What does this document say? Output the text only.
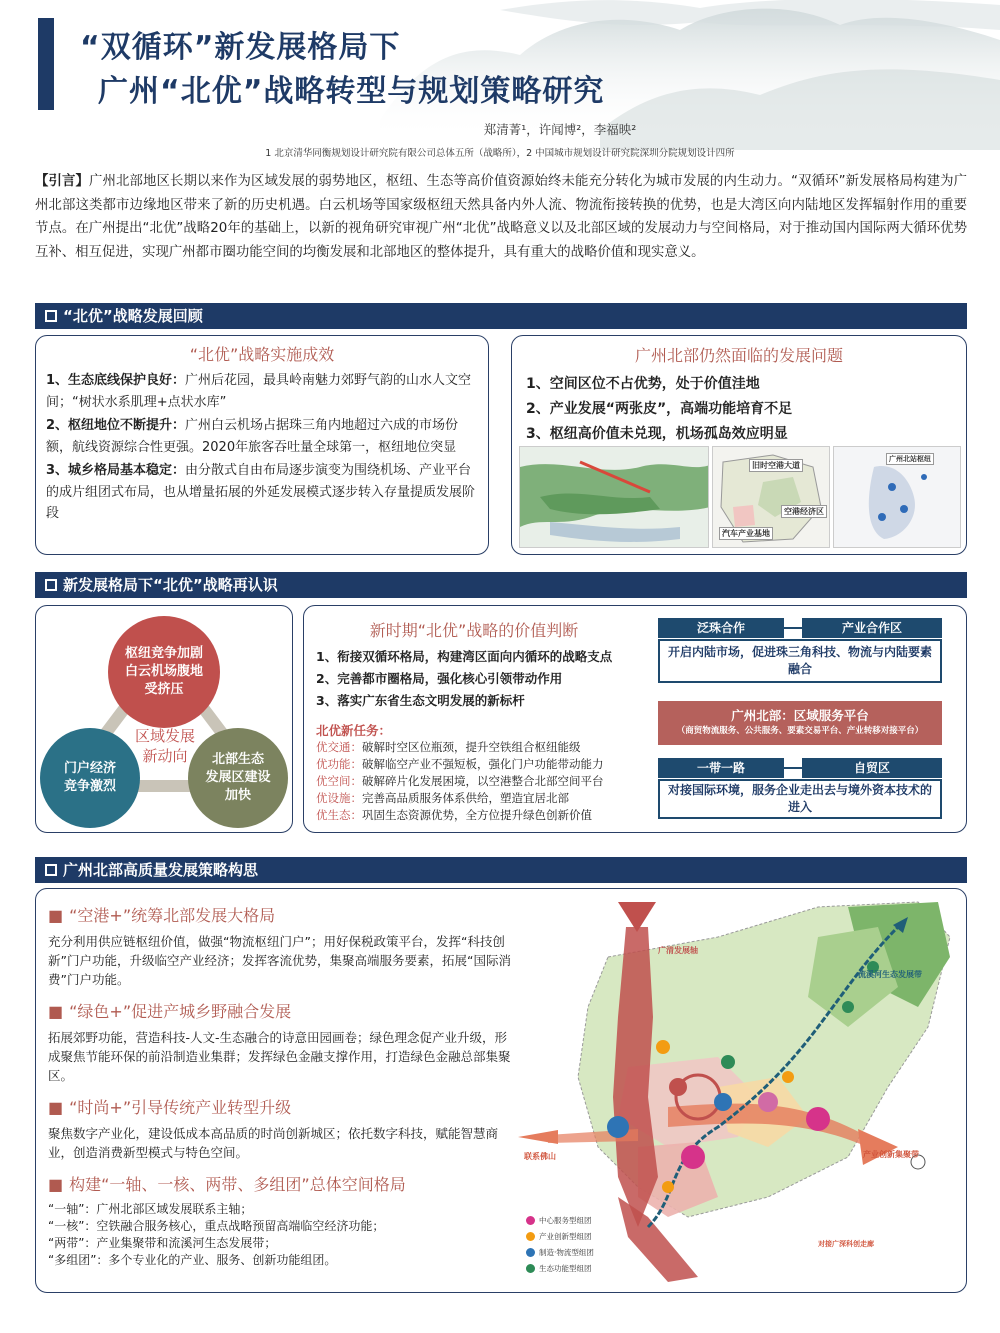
“双循环”新发展格局下
广州“北优”战略转型与规划策略研究
郑清菁¹，许闻博²，李福映²
1 北京清华同衡规划设计研究院有限公司总体五所（战略所），2 中国城市规划设计研究院深圳分院规划设计四所
【引言】广州北部地区长期以来作为区域发展的弱势地区，枢纽、生态等高价值资源始终未能充分转化为城市发展的内生动力。“双循环”新发展格局构建为广州北部这类都市边缘地区带来了新的历史机遇。白云机场等国家级枢纽天然具备内外人流、物流衔接转换的优势，也是大湾区向内陆地区发挥辐射作用的重要节点。在广州提出“北优”战略20年的基础上，以新的视角研究审视广州“北优”战略意义以及北部区域的发展动力与空间格局，对于推动国内国际两大循环优势互补、相互促进，实现广州都市圈功能空间的均衡发展和北部地区的整体提升，具有重大的战略价值和现实意义。
“北优”战略发展回顾
“北优”战略实施成效
1、生态底线保护良好：广州后花园，最具岭南魅力郊野气韵的山水人文空间；“树状水系肌理+点状水库”
2、枢纽地位不断提升：广州白云机场占据珠三角内地超过六成的市场份额，航线资源综合性更强。2020年旅客吞吐量全球第一，枢纽地位突显
3、城乡格局基本稳定：由分散式自由布局逐步演变为围绕机场、产业平台的成片组团式布局，也从增量拓展的外延发展模式逐步转入存量提质发展阶段
广州北部仍然面临的发展问题
1、空间区位不占优势，处于价值洼地
2、产业发展“两张皮”，高端功能培育不足
3、枢纽高价值未兑现，机场孤岛效应明显
旧时空港大道
空港经济区
汽车产业基地
广州北站枢纽
新发展格局下“北优”战略再认识
枢纽竞争加剧
白云机场腹地
受挤压
门户经济
竞争激烈
北部生态
发展区建设
加快
区域发展
新动向
新时期“北优”战略的价值判断
1、衔接双循环格局，构建湾区面向内循环的战略支点
2、完善都市圈格局，强化核心引领带动作用
3、落实广东省生态文明发展的新标杆
北优新任务：
优交通：破解时空区位瓶颈，提升空铁组合枢纽能级
优功能：破解临空产业不强短板，强化门户功能带动能力
优空间：破解碎片化发展困境，以空港整合北部空间平台
优设施：完善高品质服务体系供给，塑造宜居北部
优生态：巩固生态资源优势，全方位提升绿色创新价值
泛珠合作	产业合作区
开启内陆市场，促进珠三角科技、物流与内陆要素融合
广州北部：区域服务平台
（商贸物流服务、公共服务、要素交易平台、产业转移对接平台）
一带一路	自贸区
对接国际环境，服务企业走出去与境外资本技术的进入
广州北部高质量发展策略构思
■ “空港+”统筹北部发展大格局
充分利用供应链枢纽价值，做强“物流枢纽门户”；用好保税政策平台，发挥“科技创新”门户功能，升级临空产业经济；发挥客流优势，集聚高端服务要素，拓展“国际消费”门户功能。
■ “绿色+”促进产城乡野融合发展
拓展郊野功能，营造科技-人文-生态融合的诗意田园画卷；绿色理念促产业升级，形成聚焦节能环保的前沿制造业集群；发挥绿色金融支撑作用，打造绿色金融总部集聚区。
■ “时尚+”引导传统产业转型升级
聚焦数字产业化，建设低成本高品质的时尚创新城区；依托数字科技，赋能智慧商业，创造消费新型模式与特色空间。
■ 构建“一轴、一核、两带、多组团”总体空间格局
“一轴”：广州北部区域发展联系主轴；
“一核”：空铁融合服务核心，重点战略预留高端临空经济功能；
“两带”：产业集聚带和流溪河生态发展带；
“多组团”：多个专业化的产业、服务、创新功能组团。
广清发展轴
流溪河生态发展带
产业创新集聚带
联系佛山
对接广深科创走廊
中心服务型组团
产业创新型组团
制造·物流型组团
生态功能型组团
